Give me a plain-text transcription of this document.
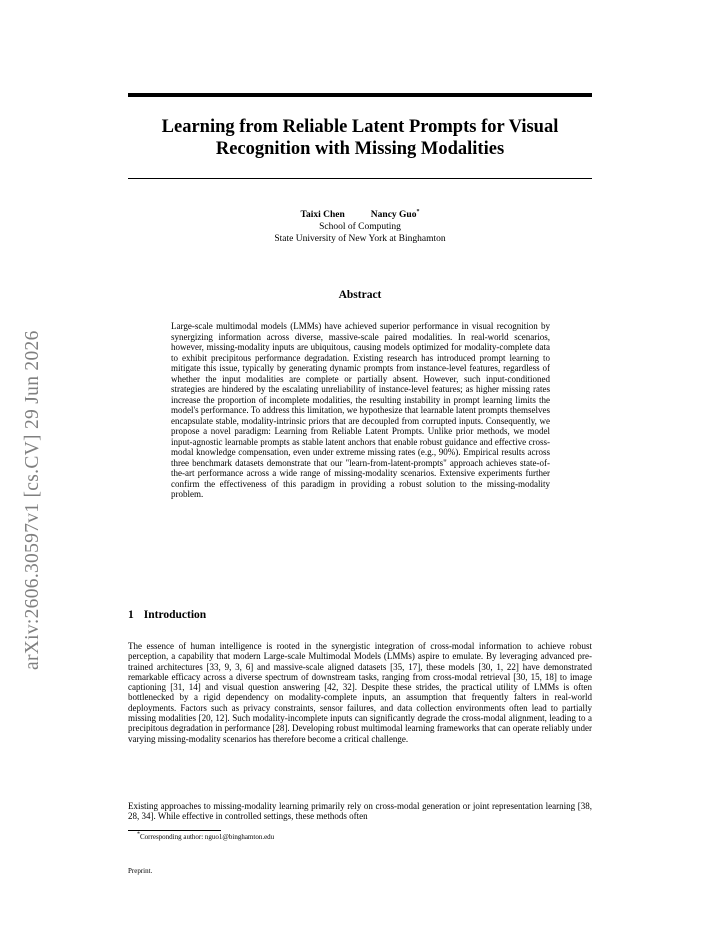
arXiv:2606.30597v1 [cs.CV] 29 Jun 2026
Learning from Reliable Latent Prompts for Visual Recognition with Missing Modalities
Taixi Chen	Nancy Guo*
School of Computing
State University of New York at Binghamton
Abstract

Large-scale multimodal models (LMMs) have achieved superior performance in visual recognition by synergizing information across diverse, massive-scale paired modalities. In real-world scenarios, however, missing-modality inputs are ubiquitous, causing models optimized for modality-complete data to exhibit precipitous performance degradation. Existing research has introduced prompt learning to mitigate this issue, typically by generating dynamic prompts from instance-level features, regardless of whether the input modalities are complete or partially absent. However, such input-conditioned strategies are hindered by the escalating unreliability of instance-level features; as higher missing rates increase the proportion of incomplete modalities, the resulting instability in prompt learning limits the model's performance. To address this limitation, we hypothesize that learnable latent prompts themselves encapsulate stable, modality-intrinsic priors that are decoupled from corrupted inputs. Consequently, we propose a novel paradigm: Learning from Reliable Latent Prompts. Unlike prior methods, we model input-agnostic learnable prompts as stable latent anchors that enable robust guidance and effective cross-modal knowledge compensation, even under extreme missing rates (e.g., 90%). Empirical results across three benchmark datasets demonstrate that our "learn-from-latent-prompts" approach achieves state-of-the-art performance across a wide range of missing-modality scenarios. Extensive experiments further confirm the effectiveness of this paradigm in providing a robust solution to the missing-modality problem.

1 Introduction

The essence of human intelligence is rooted in the synergistic integration of cross-modal information to achieve robust perception, a capability that modern Large-scale Multimodal Models (LMMs) aspire to emulate. By leveraging advanced pre-trained architectures [33, 9, 3, 6] and massive-scale aligned datasets [35, 17], these models [30, 1, 22] have demonstrated remarkable efficacy across a diverse spectrum of downstream tasks, ranging from cross-modal retrieval [30, 15, 18] to image captioning [31, 14] and visual question answering [42, 32]. Despite these strides, the practical utility of LMMs is often bottlenecked by a rigid dependency on modality-complete inputs, an assumption that frequently falters in real-world deployments. Factors such as privacy constraints, sensor failures, and data collection environments often lead to partially missing modalities [20, 12]. Such modality-incomplete inputs can significantly degrade the cross-modal alignment, leading to a precipitous degradation in performance [28]. Developing robust multimodal learning frameworks that can operate reliably under varying missing-modality scenarios has therefore become a critical challenge.

Existing approaches to missing-modality learning primarily rely on cross-modal generation or joint representation learning [38, 28, 34]. While effective in controlled settings, these methods often

*Corresponding author: nguo1@binghamton.edu
Preprint.
